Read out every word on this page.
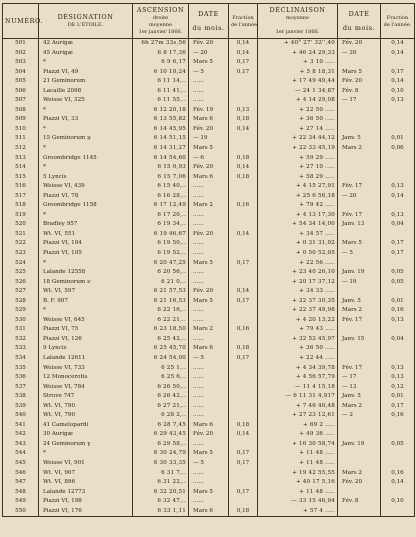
NUMÉRO.	DÉSIGNATION
DE L'ÉTOILE.	ASCENSION
droite
moyenne
1er janvier 1866.	DATE

du mois.	Fraction
de l'année.	DÉCLINAISON
moyenne

1er janvier 1866.	DATE

du mois.	Fraction
de l'année.

501	42 Aurigæ	6h 27m 33s,56	Fév. 20	0,14	+ 40° 27' 32'',40	Fév. 20	0,14
502	45 Aurigæ	6 8 17,36	— 20	0,14	+ 46 24 29,33	— 20	0,14
503	*	6 9 6,17	Mars 5	0,17	+ 3 10 .....		
504	Piazzi VI, 49	6 10 10,24	— 5	0,17	+ 5 8 18,31	Mars 5	0,17
505	21 Geminorum	6 11 14,..	......		+ 17 49 49,44	Fév. 20	0,14
506	Lacaille 2098	6 11 41,..	......		— 24 1 34,87	Fév. 8	0,10
507	Weisse VI, 325	6 11 55,..	......		+ 4 14 29,08	— 17	0,13
508	*	6 12 20,18	Fév. 19	0,13	+ 22 50 .....		
509	Piazzi VI, 33	6 13 55,82	Mars 6	0,18	+ 36 50 .....		
510	*	6 14 45,95	Fév. 20	0,14	+ 27 14 .....		
511	15 Geminorum μ	6 14 51,15	— 19		+ 22 34 44,12	Janv. 5	0,01
512	*	6 14 31,27	Mars 5		+ 22 33 45,19	Mars 2	0,06
513	Groombridge 1145	6 14 54,60	— 6	0,18	+ 59 29 .....		
514	*	6 15 0,93	Fév. 20	0,14	+ 27 10 .....		
515	5 Lyncis	6 15 7,06	Mars 6	0,18	+ 58 29 .....		
516	Weisse VI, 439	6 15 40,..	......		+ 4 15 27,91	Fév. 17	0,13
517	Piazzi VI, 78	6 16 28,..	......		+ 25 6 56,18	— 20	0,14
518	Groombridge 1158	6 17 12,49	Mars 2	0,16	+ 79 42 .....		
519	*	6 17 20,..	......		+ 4 13 17,30	Fév. 17	0,13
520	Bradley 957	6 19 34,..	......		+ 54 34 14,00	Janv. 13	0,04
521	Wt. VI, 551	6 19 46,67	Fév. 20	0,14	+ 34 57 .....		
522	Piazzi VI, 104	6 19 50,..	......		+ 0 31 31,02	Mars 5	0,17
523	Piazzi VI, 105	6 19 52,..	......		+ 0 50 52,05	— 5	0,17
524	*	6 20 47,25	Mars 5	0,17	+ 22 56 .....		
525	Lalande 12558	6 20 56,..	......		+ 23 40 26,10	Janv. 19	0,05
526	18 Geminorum ν	6 21 0,..	......		+ 20 17 37,12	— 19	0,05
527	Wt. VI, 597	6 21 57,53	Fév. 20	0,14	+ 34 33 .....		
528	B. F. 907	6 21 16,53	Mars 5	0,17	+ 22 37 30,35	Janv. 5	0,01
529	*	6 22 16,..	......		+ 22 37 49,98	Mars 2	0,16
530	Weisse VI, 645	6 22 21,..	......		+ 4 20 13,22	Fév. 17	0,13
531	Piazzi VI, 75	6 23 18,50	Mars 2	0,16	+ 79 43 .....		
532	Piazzi VI, 126	6 25 42,..	......		+ 32 52 45,97	Janv. 15	0,04
533	9 Lyncis	6 25 45,70	Mars 6	0,18	+ 36 50 .....		
534	Lalande 12611	6 24 54,00	— 5	0,17	+ 22 44 .....		
535	Weisse VI, 733	6 25 1,..	......		+ 4 34 39,78	Fév. 17	0,13
536	12 Monocerotis	6 25 6,..	......		+ 4 56 57,79	— 17	0,13
537	Weisse VI, 784	6 26 50,..	......		— 11 4 15,18	— 13	0,12
538	Struve 747	6 26 42,..	......		— 6 11 31 4,917	Janv. 5	0,01
539	Wt. VI, 790	6 27 21,..	......		+ 7 46 40,48	Mars 2	0,17
540	Wt. VI, 790	6 28 2,..	......		+ 27 23 12,61	— 2	0,16
541	41 Camelopardi	6 28 7,45	Mars 6	0,18	+ 69 2 .....		
542	30 Aurigæ	6 29 43,45	Fév. 20	0,14	+ 49 36 .....		
543	24 Geminorum γ	6 29 58,..	......		+ 16 30 58,74	Janv. 19	0,05
544	*	6 30 24,79	Mars 5	0,17	+ 11 48 .....		
545	Weisse VI, 901	6 30 33,35	— 5	0,17	+ 11 48 .....		
546	Wt. VI, 907	6 31 7,..	......		+ 19 42 55,55	Mars 2	0,16
547	Wt. VI, 896	6 31 22,..	......		+ 40 17 5,16	Fév. 20	0,14
548	Lalande 12773	6 32 20,51	Mars 5	0,17	+ 11 48 .....		
549	Piazzi VI, 198	6 32 47,..	......		— 33 15 46,94	Fév. 8	0,10
550	Piazzi VI, 176	6 33 1,11	Mars 6	0,18	+ 57 4 .....		
